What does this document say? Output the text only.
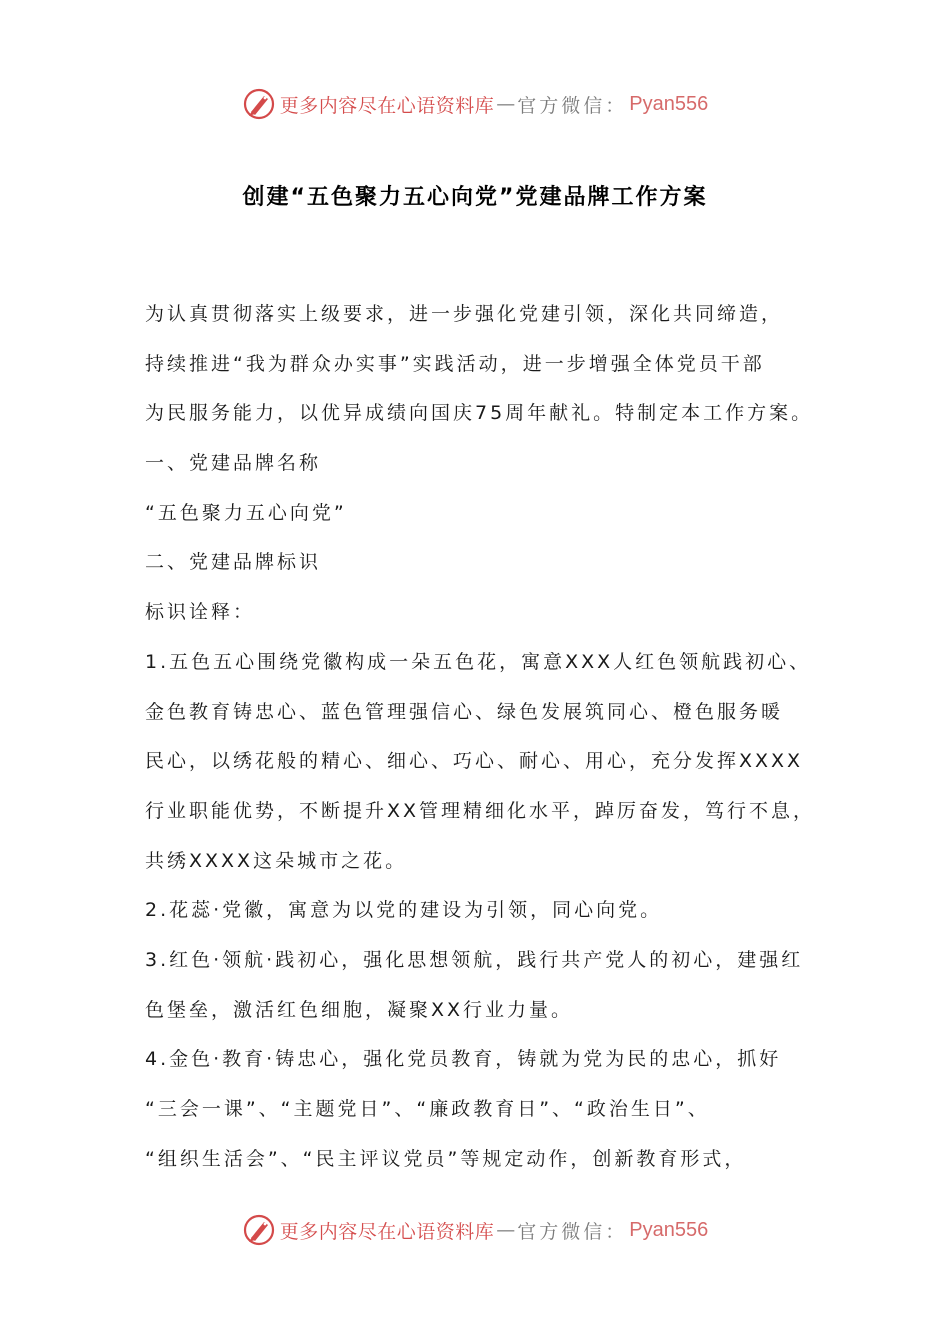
更多内容尽在心语资料库 — 官方微信： Pyan556
创建“五色聚力五心向党”党建品牌工作方案
为认真贯彻落实上级要求，进一步强化党建引领，深化共同缔造，
持续推进“我为群众办实事”实践活动，进一步增强全体党员干部
为民服务能力，以优异成绩向国庆75周年献礼。特制定本工作方案。
一、党建品牌名称
“五色聚力五心向党”
二、党建品牌标识
标识诠释：
1.五色五心围绕党徽构成一朵五色花，寓意XXX人红色领航践初心、
金色教育铸忠心、蓝色管理强信心、绿色发展筑同心、橙色服务暖
民心，以绣花般的精心、细心、巧心、耐心、用心，充分发挥XXXX
行业职能优势，不断提升XX管理精细化水平，踔厉奋发，笃行不息，
共绣XXXX这朵城市之花。
2.花蕊·党徽，寓意为以党的建设为引领，同心向党。
3.红色·领航·践初心，强化思想领航，践行共产党人的初心，建强红
色堡垒，激活红色细胞，凝聚XX行业力量。
4.金色·教育·铸忠心，强化党员教育，铸就为党为民的忠心，抓好
“三会一课”、“主题党日”、“廉政教育日”、“政治生日”、
“组织生活会”、“民主评议党员”等规定动作，创新教育形式，
更多内容尽在心语资料库 — 官方微信： Pyan556
